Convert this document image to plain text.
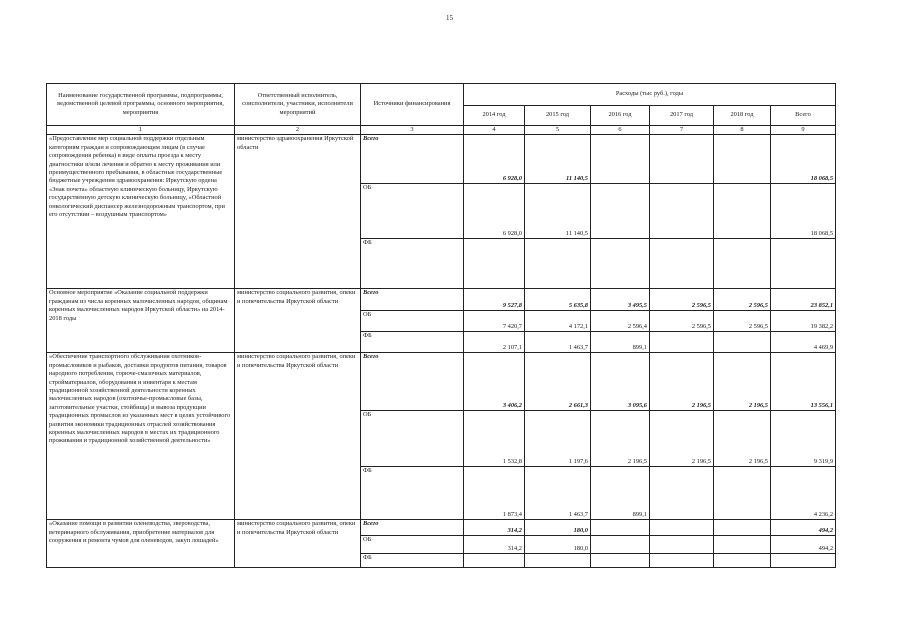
15
Наименование государственной программы, подпрограммы, ведомственной целевой программы, основного мероприятия, мероприятия	Ответственный исполнитель, соисполнители, участники, исполнители мероприятий	Источники финансирования	Расходы (тыс руб.), годы					
			2014 год	2015 год	2016 год	2017 год	2018 год	Всего
1	2	3	4	5	6	7	8	9
«Предоставление мер социальной поддержки отдельным категориям граждан и сопровождающим лицам (в случае сопровождения ребенка) в виде оплаты проезда к месту диагностики и/или лечения и обратно к месту проживания или преимущественного пребывания, в областные государственные бюджетные учреждения здравоохранения: Иркутскую ордена «Знак почета» областную клиническую больницу, Иркутскую государственную детскую клиническую больницу, «Областной онкологический диспансер железнодорожным транспортом, при его отсутствии – воздушным транспортом»	министерство здравоохранения Иркутской области	Всего	6 928,0	11 140,5				18 068,5
		ОБ	6 928,0	11 140,5				18 068,5
		ФБ						
Основное мероприятие «Оказание социальной поддержки гражданам из числа коренных малочисленных народов, общинам коренных малочисленных народов Иркутской области» на 2014-2018 годы	министерство социального развития, опеки и попечительства Иркутской области	Всего	9 527,8	5 635,8	3 495,5	2 596,5	2 596,5	23 852,1
		ОБ	7 420,7	4 172,1	2 596,4	2 596,5	2 596,5	19 382,2
		ФБ	2 107,1	1 463,7	899,1			4 469,9
«Обеспечение транспортного обслуживания охотников-промысловиков и рыбаков, доставки продуктов питания, товаров народного потребления, горюче-смазочных материалов, стройматериалов, оборудования и инвентаря к местам традиционной хозяйственной деятельности коренных малочисленных народов (охотничье-промысловые базы, заготовительные участки, стойбища) и вывоза продукции традиционных промыслов из указанных мест в целях устойчивого развития экономики традиционных отраслей хозяйствования коренных малочисленных народов в местах их традиционного проживания и традиционной хозяйственной деятельности»	министерство социального развития, опеки и попечительства Иркутской области	Всего	3 406,2	2 661,3	3 095,6	2 196,5	2 196,5	13 556,1
		ОБ	1 532,8	1 197,6	2 196,5	2 196,5	2 196,5	9 319,9
		ФБ	1 873,4	1 463,7	899,1			4 236,2
«Оказание помощи в развитии оленеводства, звероводства, ветеринарного обслуживания, приобретение материалов для сооружения и ремонта чумов для оленеводов, закуп лошадей»	министерство социального развития, опеки и попечительства Иркутской области	Всего	314,2	180,0				494,2
		ОБ	314,2	180,0				494,2
		ФБ						
